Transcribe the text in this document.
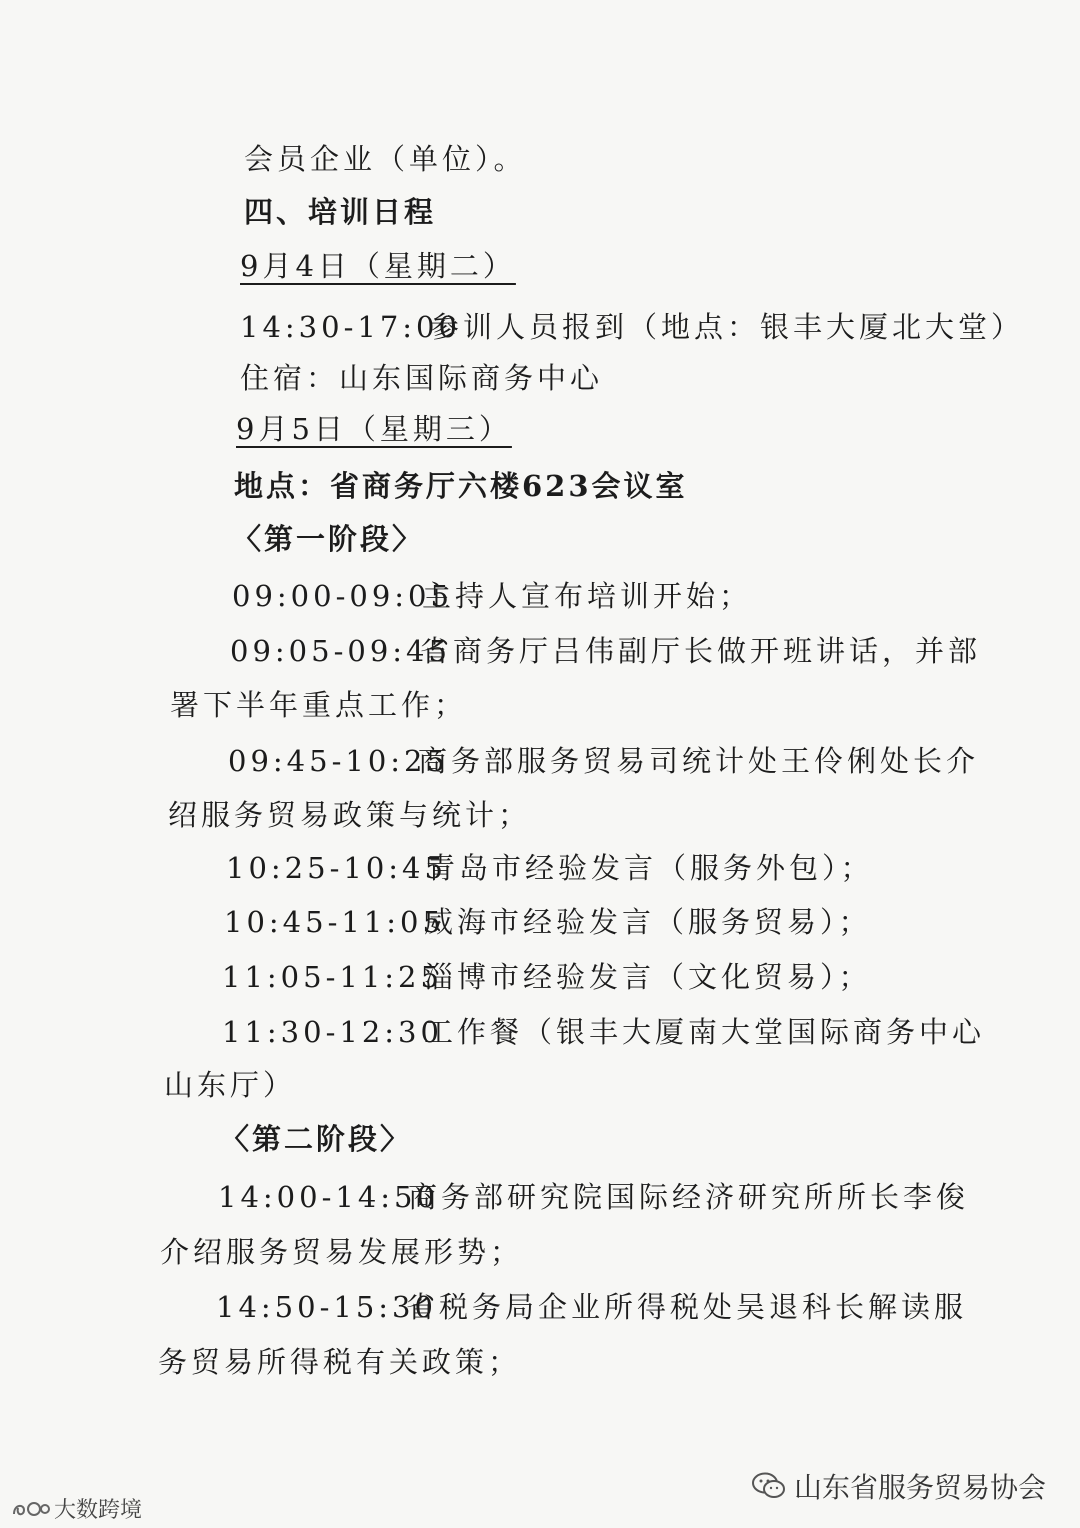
会员企业（单位）。
四、培训日程
9月4日（星期二）
14:30-17:00参训人员报到（地点：银丰大厦北大堂）
住宿：山东国际商务中心
9月5日（星期三）
地点：省商务厅六楼623会议室
〈第一阶段〉
09:00-09:05主持人宣布培训开始；
09:05-09:45省商务厅吕伟副厅长做开班讲话，并部
署下半年重点工作；
09:45-10:25商务部服务贸易司统计处王伶俐处长介
绍服务贸易政策与统计；
10:25-10:45青岛市经验发言（服务外包）；
10:45-11:05威海市经验发言（服务贸易）；
11:05-11:25淄博市经验发言（文化贸易）；
11:30-12:30工作餐（银丰大厦南大堂国际商务中心
山东厅）
〈第二阶段〉
14:00-14:50商务部研究院国际经济研究所所长李俊
介绍服务贸易发展形势；
14:50-15:30省税务局企业所得税处吴退科长解读服
务贸易所得税有关政策；
山东省服务贸易协会
大数跨境
